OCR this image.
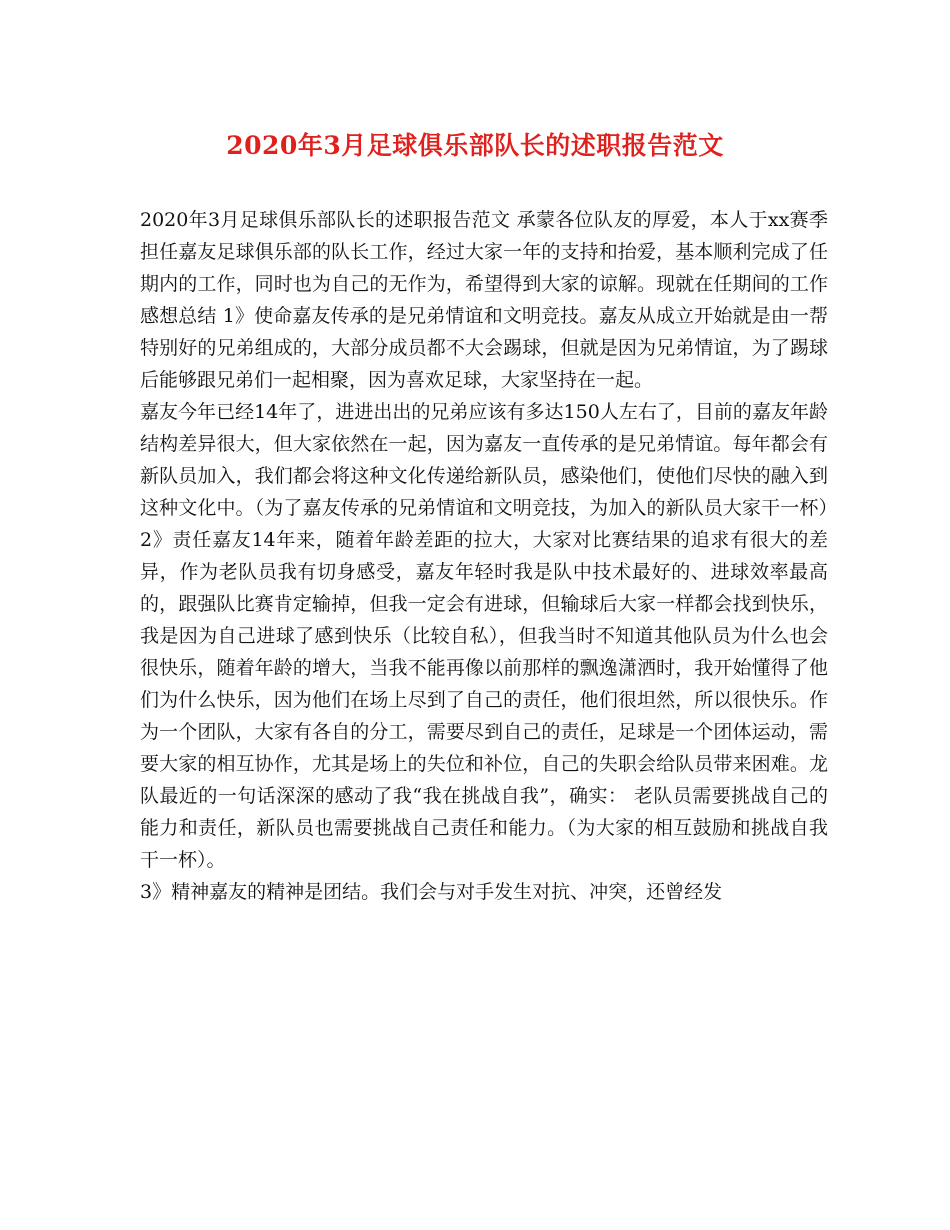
2020年3月足球俱乐部队长的述职报告范文

2020年3月足球俱乐部队长的述职报告范文 承蒙各位队友的厚爱，本人于xx赛季担任嘉友足球俱乐部的队长工作，经过大家一年的支持和抬爱，基本顺利完成了任期内的工作，同时也为自己的无作为，希望得到大家的谅解。现就在任期间的工作感想总结 1》使命嘉友传承的是兄弟情谊和文明竞技。嘉友从成立开始就是由一帮特别好的兄弟组成的，大部分成员都不大会踢球，但就是因为兄弟情谊，为了踢球后能够跟兄弟们一起相聚，因为喜欢足球，大家坚持在一起。

嘉友今年已经14年了，进进出出的兄弟应该有多达150人左右了，目前的嘉友年龄结构差异很大，但大家依然在一起，因为嘉友一直传承的是兄弟情谊。每年都会有新队员加入，我们都会将这种文化传递给新队员，感染他们，使他们尽快的融入到这种文化中。（为了嘉友传承的兄弟情谊和文明竞技，为加入的新队员大家干一杯）2》责任嘉友14年来，随着年龄差距的拉大，大家对比赛结果的追求有很大的差异，作为老队员我有切身感受，嘉友年轻时我是队中技术最好的、进球效率最高的，跟强队比赛肯定输掉，但我一定会有进球，但输球后大家一样都会找到快乐，我是因为自己进球了感到快乐（比较自私），但我当时不知道其他队员为什么也会很快乐，随着年龄的增大，当我不能再像以前那样的飘逸潇洒时，我开始懂得了他们为什么快乐，因为他们在场上尽到了自己的责任，他们很坦然，所以很快乐。作为一个团队，大家有各自的分工，需要尽到自己的责任，足球是一个团体运动，需要大家的相互协作，尤其是场上的失位和补位，自己的失职会给队员带来困难。龙队最近的一句话深深的感动了我“我在挑战自我”，确实： 老队员需要挑战自己的能力和责任，新队员也需要挑战自己责任和能力。（为大家的相互鼓励和挑战自我干一杯）。

3》精神嘉友的精神是团结。我们会与对手发生对抗、冲突，还曾经发
